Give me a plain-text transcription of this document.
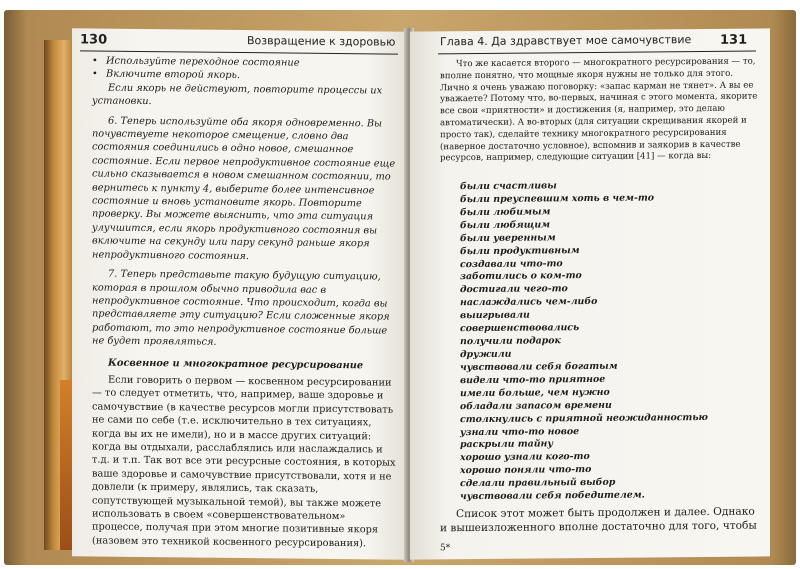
130	Возвращение к здоровью

• Используйте переходное состояние

• Включите второй якорь.

Если якорь не действуют, повторите процессы их установки.

6. Теперь используйте оба якоря одновременно. Вы почувствуете некоторое смещение, словно два состояния соединились в одно новое, смешанное состояние. Если первое непродуктивное состояние еще сильно сказывается в новом смешанном состоянии, то вернитесь к пункту 4, выберите более интенсивное состояние и вновь установите якорь. Повторите проверку. Вы можете выяснить, что эта ситуация улучшится, если якорь продуктивного состояния вы включите на секунду или пару секунд раньше якоря непродуктивного состояния.

7. Теперь представьте такую будущую ситуацию, которая в прошлом обычно приводила вас в непродуктивное состояние. Что происходит, когда вы представляете эту ситуацию? Если сложенные якоря работают, то это непродуктивное состояние больше не будет проявляться.

Косвенное и многократное ресурсирование

Если говорить о первом — косвенном ресурсировании — то следует отметить, что, например, ваше здоровье и самочувствие (в качестве ресурсов могли присутствовать не сами по себе (т.е. исключительно в тех ситуациях, когда вы их не имели), но и в массе других ситуаций: когда вы отдыхали, расслаблялись или наслаждались и т.д. и т.п. Так вот все эти ресурсные состояния, в которых ваше здоровье и самочувствие присутствовали, хотя и не довлели (к примеру, являлись, так сказать, сопутствующей музыкальной темой), вы также можете использовать в своем «совершенствовательном» процессе, получая при этом многие позитивные якоря (назовем это техникой косвенного ресурсирования).

Глава 4. Да здравствует мое самочувствие 131

Что же касается второго — многократного ресурсирования — то, вполне понятно, что мощные якоря нужны не только для этого. Лично я очень уважаю поговорку: «запас карман не тянет». А вы ее уважаете? Потому что, во-первых, начиная с этого момента, якорите все свои «приятности» и достижения (я, например, это делаю автоматически). А во-вторых (для ситуации скрещивания якорей и просто так), сделайте технику многократного ресурсирования (наверное достаточно условное), вспомнив и заякорив в качестве ресурсов, например, следующие ситуации [41] — когда вы:

были счастливы
были преуспевшим хоть в чем-то
были любимым
были любящим
были уверенным
были продуктивным
создавали что-то
заботились о ком-то
достигали чего-то
наслаждались чем-либо
выигрывали
совершенствовались
получили подарок
дружили
чувствовали себя богатым
видели что-то приятное
имели больше, чем нужно
обладали запасом времени
столкнулись с приятной неожиданностью
узнали что-то новое
раскрыли тайну
хорошо узнали кого-то
хорошо поняли что-то
сделали правильный выбор
чувствовали себя победителем.

Список этот может быть продолжен и далее. Однако и вышеизложенного вполне достаточно для того, чтобы

5*
